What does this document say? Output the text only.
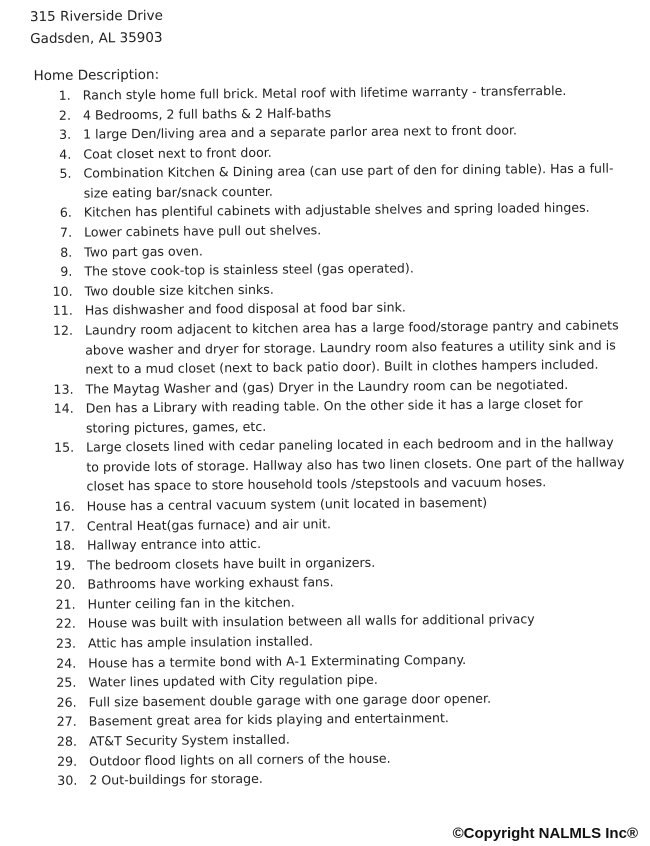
315 Riverside Drive
Gadsden, AL 35903
Home Description:
1. Ranch style home full brick. Metal roof with lifetime warranty - transferrable.
2. 4 Bedrooms, 2 full baths & 2 Half-baths
3. 1 large Den/living area and a separate parlor area next to front door.
4. Coat closet next to front door.
5. Combination Kitchen & Dining area (can use part of den for dining table). Has a full-size eating bar/snack counter.
6. Kitchen has plentiful cabinets with adjustable shelves and spring loaded hinges.
7. Lower cabinets have pull out shelves.
8. Two part gas oven.
9. The stove cook-top is stainless steel (gas operated).
10. Two double size kitchen sinks.
11. Has dishwasher and food disposal at food bar sink.
12. Laundry room adjacent to kitchen area has a large food/storage pantry and cabinets above washer and dryer for storage. Laundry room also features a utility sink and is next to a mud closet (next to back patio door). Built in clothes hampers included.
13. The Maytag Washer and (gas) Dryer in the Laundry room can be negotiated.
14. Den has a Library with reading table. On the other side it has a large closet for storing pictures, games, etc.
15. Large closets lined with cedar paneling located in each bedroom and in the hallway to provide lots of storage. Hallway also has two linen closets. One part of the hallway closet has space to store household tools /stepstools and vacuum hoses.
16. House has a central vacuum system (unit located in basement)
17. Central Heat(gas furnace) and air unit.
18. Hallway entrance into attic.
19. The bedroom closets have built in organizers.
20. Bathrooms have working exhaust fans.
21. Hunter ceiling fan in the kitchen.
22. House was built with insulation between all walls for additional privacy
23. Attic has ample insulation installed.
24. House has a termite bond with A-1 Exterminating Company.
25. Water lines updated with City regulation pipe.
26. Full size basement double garage with one garage door opener.
27. Basement great area for kids playing and entertainment.
28. AT&T Security System installed.
29. Outdoor flood lights on all corners of the house.
30. 2 Out-buildings for storage.
©Copyright NALMLS Inc®
